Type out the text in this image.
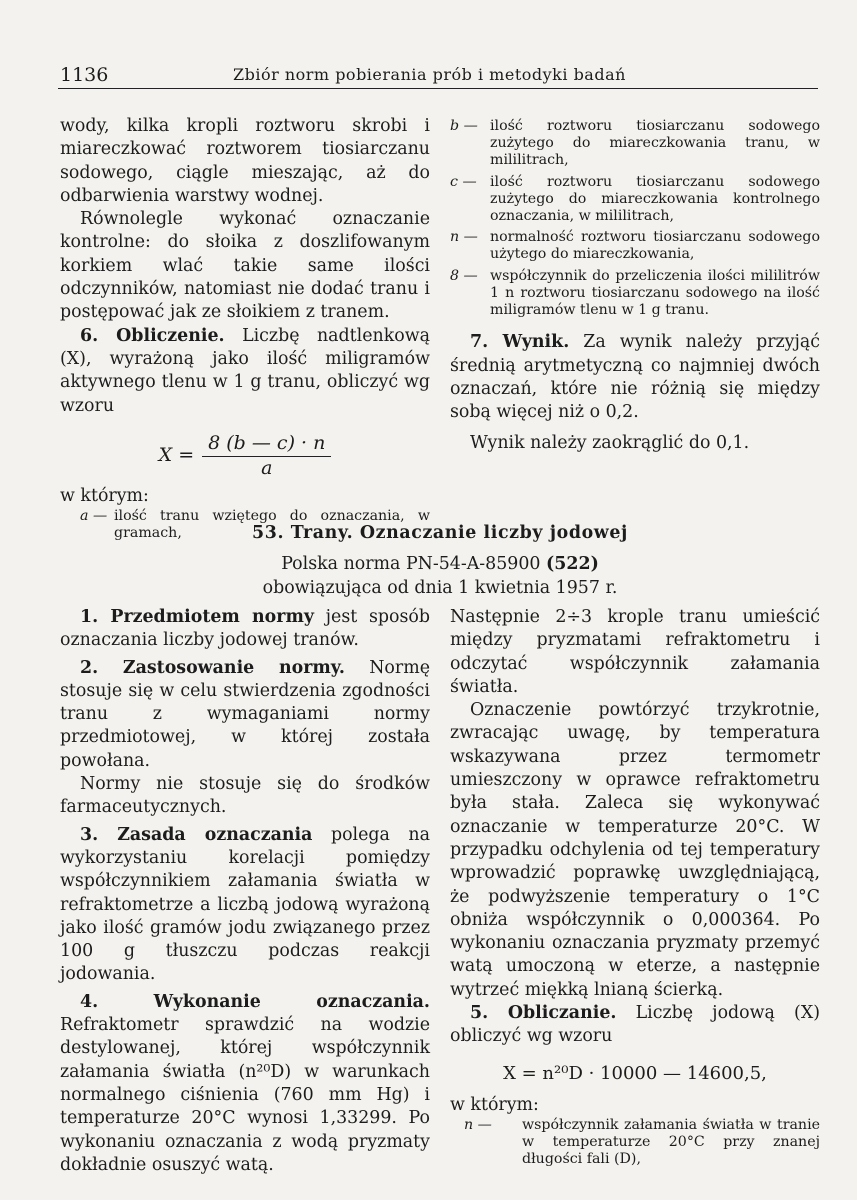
1136	Zbiór norm pobierania prób i metodyki badań

wody, kilka kropli roztworu skrobi i miareczkować roztworem tiosiarczanu sodowego, ciągle mieszając, aż do odbarwienia warstwy wodnej.

Równolegle wykonać oznaczanie kontrolne: do słoika z doszlifowanym korkiem wlać takie same ilości odczynników, natomiast nie dodać tranu i postępować jak ze słoikiem z tranem.

6. Obliczenie. Liczbę nadtlenkową (X), wyrażoną jako ilość miligramów aktywnego tlenu w 1 g tranu, obliczyć wg wzoru

$X = \frac{8 (b — c) \cdot n}{a}$

w którym:

a — ilość tranu wziętego do oznaczania, w gramach,
b — ilość roztworu tiosiarczanu sodowego zużytego do miareczkowania tranu, w mililitrach,
c — ilość roztworu tiosiarczanu sodowego zużytego do miareczkowania kontrolnego oznaczania, w mililitrach,
n — normalność roztworu tiosiarczanu sodowego użytego do miareczkowania,
8 — współczynnik do przeliczenia ilości mililitrów 1 n roztworu tiosiarczanu sodowego na ilość miligramów tlenu w 1 g tranu.

7. Wynik. Za wynik należy przyjąć średnią arytmetyczną co najmniej dwóch oznaczań, które nie różnią się między sobą więcej niż o 0,2.

Wynik należy zaokrąglić do 0,1.

53. Trany. Oznaczanie liczby jodowej

Polska norma PN-54-A-85900 (522)

obowiązująca od dnia 1 kwietnia 1957 r.

1. Przedmiotem normy jest sposób oznaczania liczby jodowej tranów.

2. Zastosowanie normy. Normę stosuje się w celu stwierdzenia zgodności tranu z wymaganiami normy przedmiotowej, w której została powołana.

Normy nie stosuje się do środków farmaceutycznych.

3. Zasada oznaczania polega na wykorzystaniu korelacji pomiędzy współczynnikiem załamania światła w refraktometrze a liczbą jodową wyrażoną jako ilość gramów jodu związanego przez 100 g tłuszczu podczas reakcji jodowania.

4. Wykonanie oznaczania. Refraktometr sprawdzić na wodzie destylowanej, której współczynnik załamania światła (n²⁰D) w warunkach normalnego ciśnienia (760 mm Hg) i temperaturze 20°C wynosi 1,33299. Po wykonaniu oznaczania z wodą pryzmaty dokładnie osuszyć watą.

Następnie 2÷3 krople tranu umieścić między pryzmatami refraktometru i odczytać współczynnik załamania światła.

Oznaczenie powtórzyć trzykrotnie, zwracając uwagę, by temperatura wskazywana przez termometr umieszczony w oprawce refraktometru była stała. Zaleca się wykonywać oznaczanie w temperaturze 20°C. W przypadku odchylenia od tej temperatury wprowadzić poprawkę uwzględniającą, że podwyższenie temperatury o 1°C obniża współczynnik o 0,000364. Po wykonaniu oznaczania pryzmaty przemyć watą umoczoną w eterze, a następnie wytrzeć miękką lnianą ścierką.

5. Obliczanie. Liczbę jodową (X) obliczyć wg wzoru

X = n²⁰D · 10000 — 14600,5,

w którym:

n —	współczynnik załamania światła w tranie w temperaturze 20°C przy znanej długości fali (D),
